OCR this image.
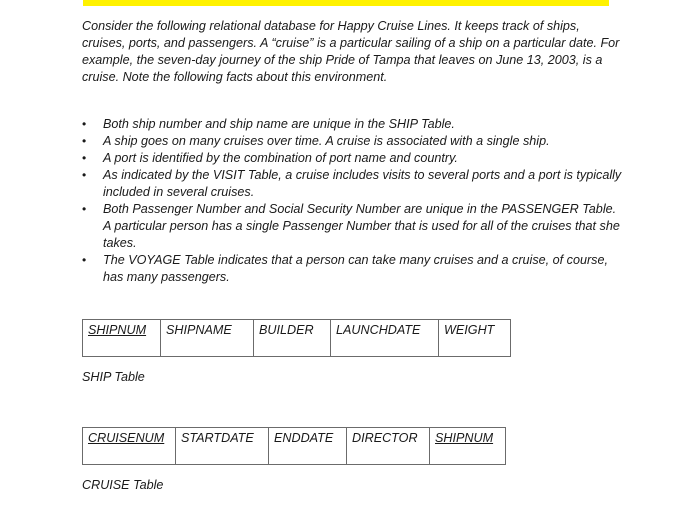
Consider the following relational database for Happy Cruise Lines. It keeps track of ships, cruises, ports, and passengers. A “cruise” is a particular sailing of a ship on a particular date. For example, the seven-day journey of the ship Pride of Tampa that leaves on June 13, 2003, is a cruise. Note the following facts about this environment.

• Both ship number and ship name are unique in the SHIP Table.
• A ship goes on many cruises over time. A cruise is associated with a single ship.
• A port is identified by the combination of port name and country.
• As indicated by the VISIT Table, a cruise includes visits to several ports and a port is typically included in several cruises.
• Both Passenger Number and Social Security Number are unique in the PASSENGER Table. A particular person has a single Passenger Number that is used for all of the cruises that she takes.
• The VOYAGE Table indicates that a person can take many cruises and a cruise, of course, has many passengers.
SHIPNUM	SHIPNAME	BUILDER	LAUNCHDATE	WEIGHT
SHIP Table
CRUISENUM	STARTDATE	ENDDATE	DIRECTOR	SHIPNUM
CRUISE Table
